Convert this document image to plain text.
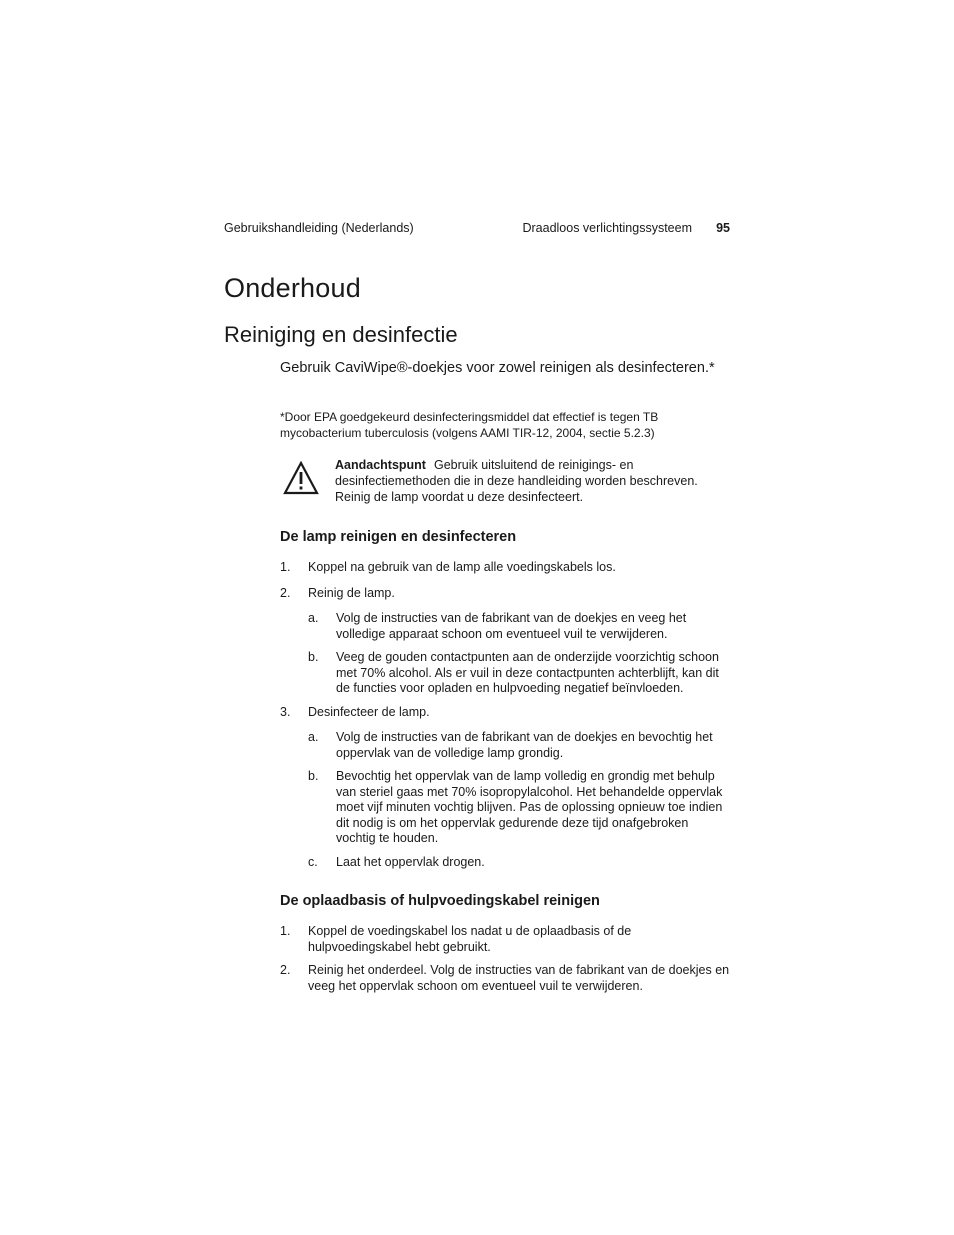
Gebruikshandleiding (Nederlands)	Draadloos verlichtingssysteem 95
Onderhoud
Reiniging en desinfectie

Gebruik CaviWipe®-doekjes voor zowel reinigen als desinfecteren.*

*Door EPA goedgekeurd desinfecteringsmiddel dat effectief is tegen TB mycobacterium tuberculosis (volgens AAMI TIR-12, 2004, sectie 5.2.3)

Aandachtspunt Gebruik uitsluitend de reinigings- en desinfectiemethoden die in deze handleiding worden beschreven. Reinig de lamp voordat u deze desinfecteert.
De lamp reinigen en desinfecteren
1. Koppel na gebruik van de lamp alle voedingskabels los.
2. Reinig de lamp.
a. Volg de instructies van de fabrikant van de doekjes en veeg het volledige apparaat schoon om eventueel vuil te verwijderen.
b. Veeg de gouden contactpunten aan de onderzijde voorzichtig schoon met 70% alcohol. Als er vuil in deze contactpunten achterblijft, kan dit de functies voor opladen en hulpvoeding negatief beïnvloeden.
3. Desinfecteer de lamp.
a. Volg de instructies van de fabrikant van de doekjes en bevochtig het oppervlak van de volledige lamp grondig.
b. Bevochtig het oppervlak van de lamp volledig en grondig met behulp van steriel gaas met 70% isopropylalcohol. Het behandelde oppervlak moet vijf minuten vochtig blijven. Pas de oplossing opnieuw toe indien dit nodig is om het oppervlak gedurende deze tijd onafgebroken vochtig te houden.
c. Laat het oppervlak drogen.
De oplaadbasis of hulpvoedingskabel reinigen
1. Koppel de voedingskabel los nadat u de oplaadbasis of de hulpvoedingskabel hebt gebruikt.
2. Reinig het onderdeel. Volg de instructies van de fabrikant van de doekjes en veeg het oppervlak schoon om eventueel vuil te verwijderen.
